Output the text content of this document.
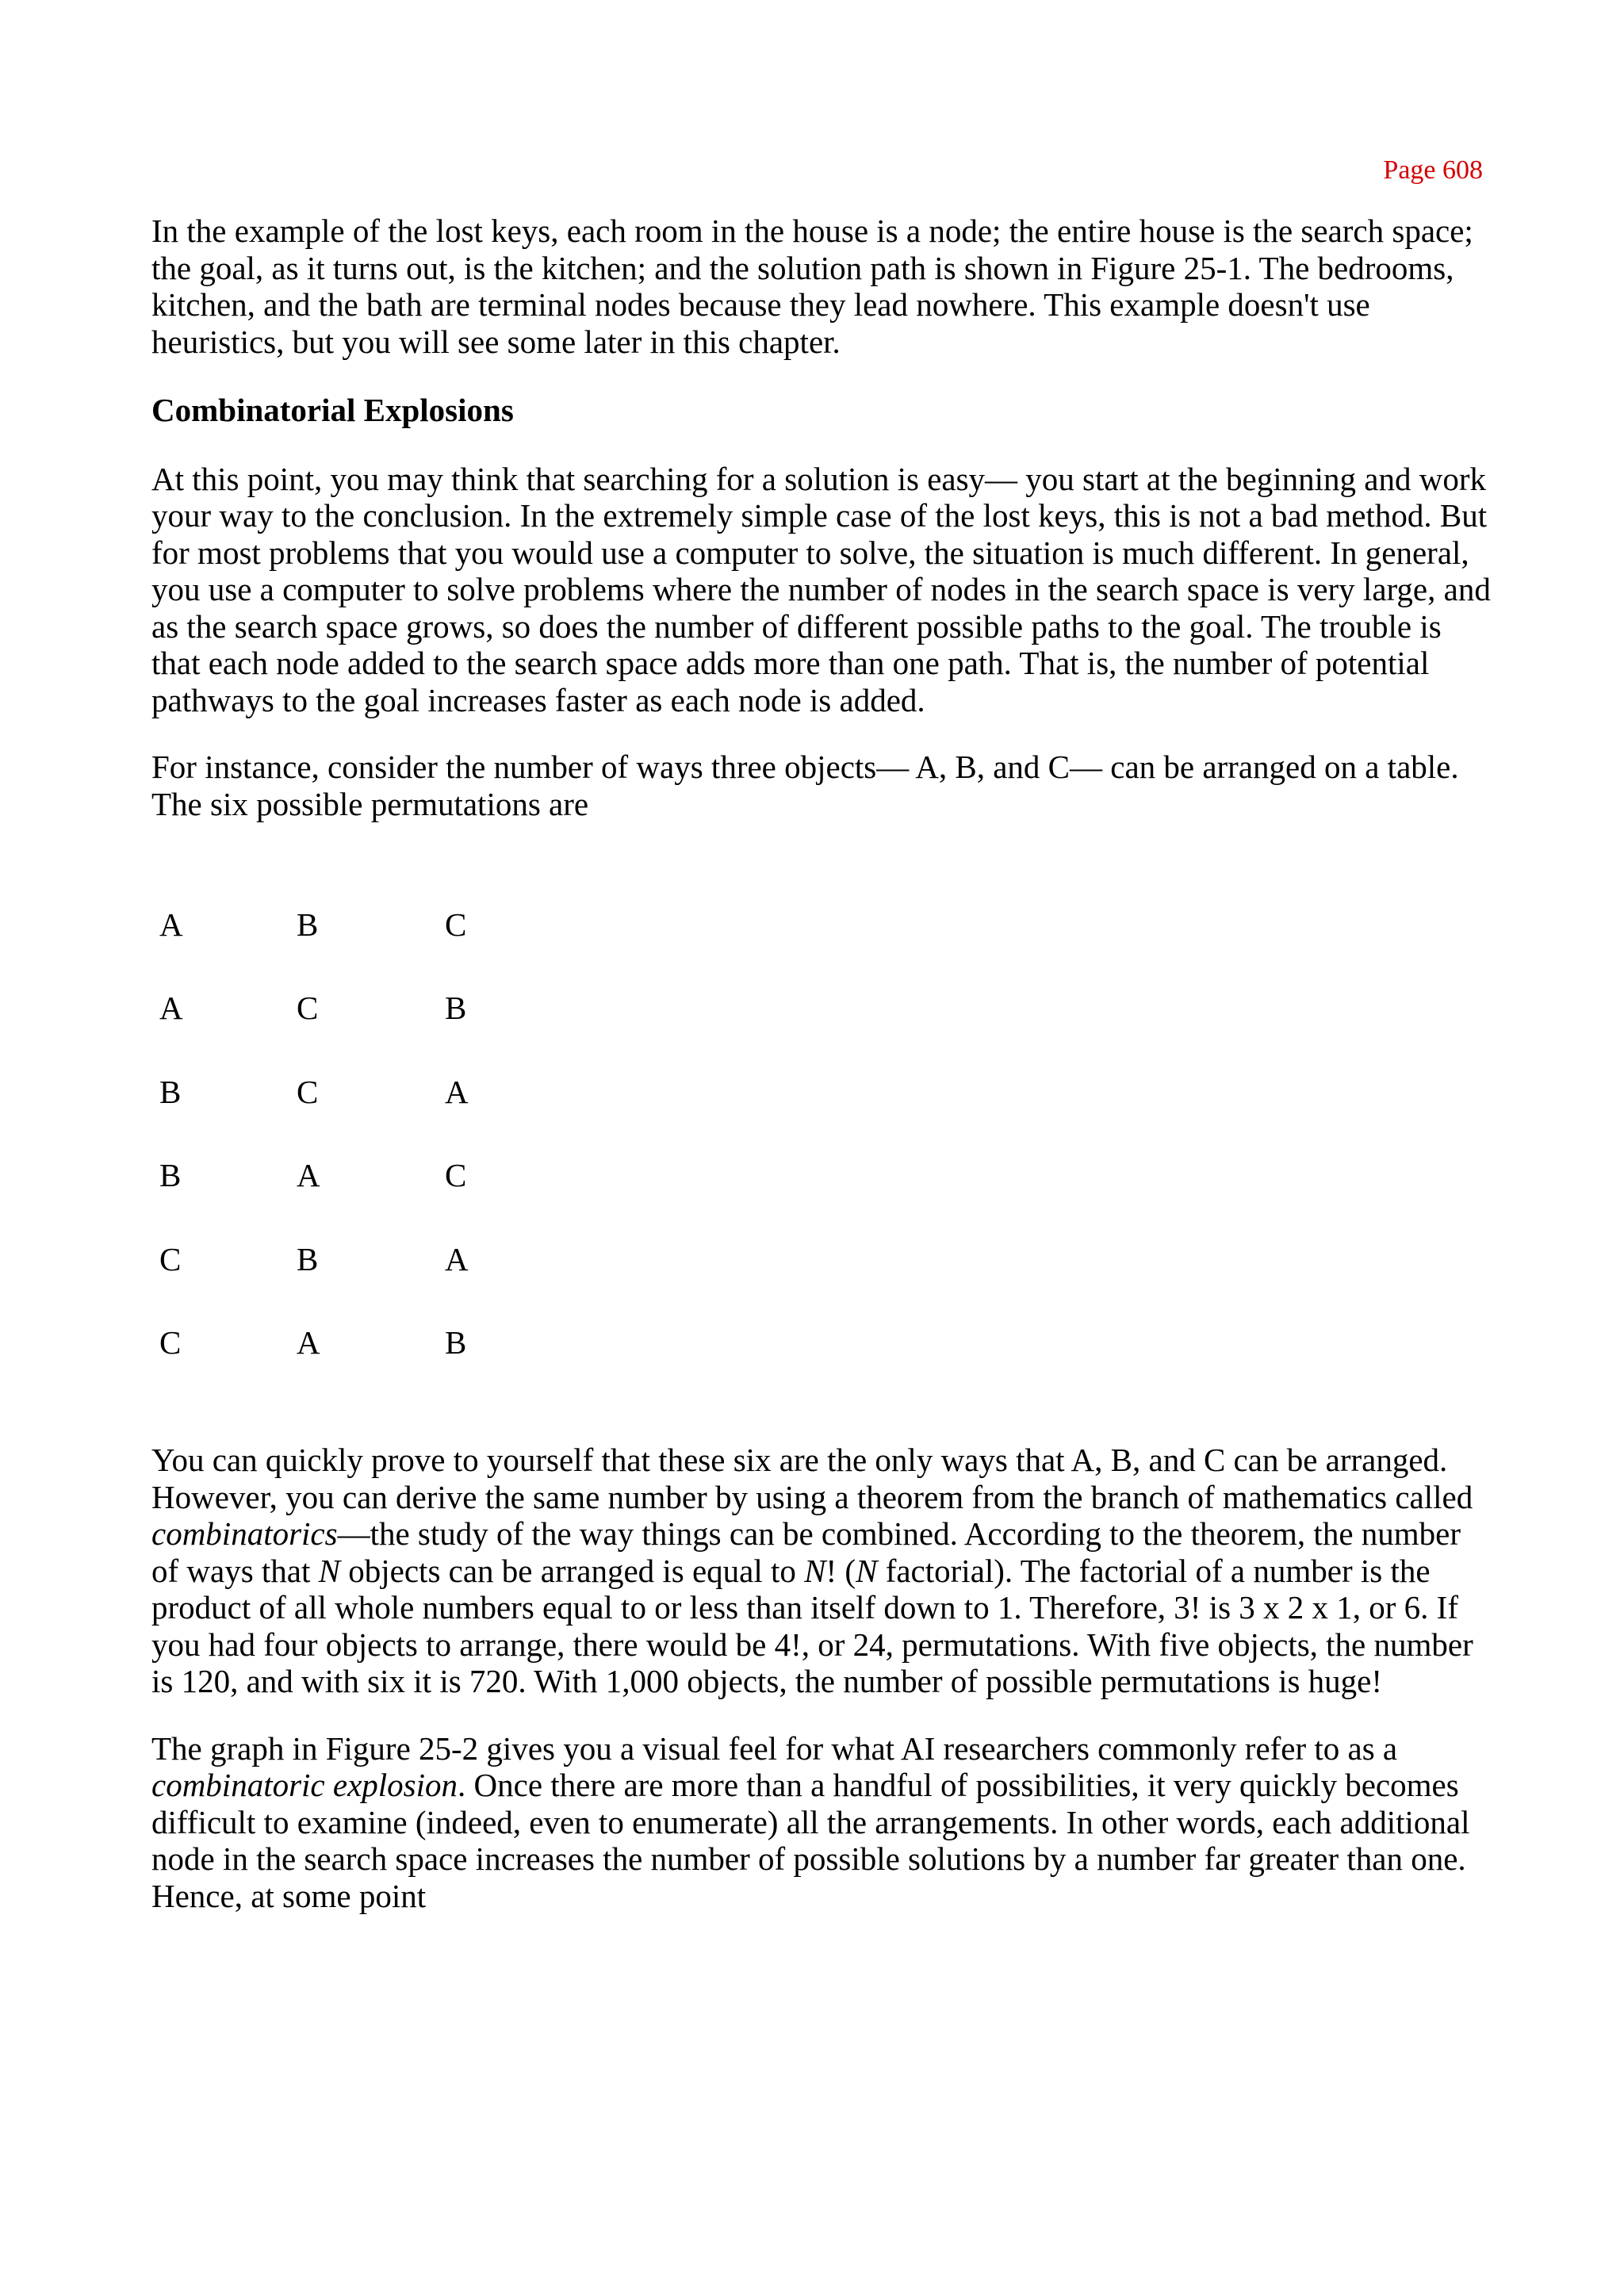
Page 608

In the example of the lost keys, each room in the house is a node; the entire house is the search space; the goal, as it turns out, is the kitchen; and the solution path is shown in Figure 25-1. The bedrooms, kitchen, and the bath are terminal nodes because they lead nowhere. This example doesn't use heuristics, but you will see some later in this chapter.

Combinatorial Explosions

At this point, you may think that searching for a solution is easy— you start at the beginning and work your way to the conclusion. In the extremely simple case of the lost keys, this is not a bad method. But for most problems that you would use a computer to solve, the situation is much different. In general, you use a computer to solve problems where the number of nodes in the search space is very large, and as the search space grows, so does the number of different possible paths to the goal. The trouble is that each node added to the search space adds more than one path. That is, the number of potential pathways to the goal increases faster as each node is added.

For instance, consider the number of ways three objects— A, B, and C— can be arranged on a table. The six possible permutations are

A	B	C
A	C	B
B	C	A
B	A	C
C	B	A
C	A	B

You can quickly prove to yourself that these six are the only ways that A, B, and C can be arranged. However, you can derive the same number by using a theorem from the branch of mathematics called combinatorics—the study of the way things can be combined. According to the theorem, the number of ways that N objects can be arranged is equal to N! (N factorial). The factorial of a number is the product of all whole numbers equal to or less than itself down to 1. Therefore, 3! is 3 x 2 x 1, or 6. If you had four objects to arrange, there would be 4!, or 24, permutations. With five objects, the number is 120, and with six it is 720. With 1,000 objects, the number of possible permutations is huge!

The graph in Figure 25-2 gives you a visual feel for what AI researchers commonly refer to as a combinatoric explosion. Once there are more than a handful of possibilities, it very quickly becomes difficult to examine (indeed, even to enumerate) all the arrangements. In other words, each additional node in the search space increases the number of possible solutions by a number far greater than one. Hence, at some point
